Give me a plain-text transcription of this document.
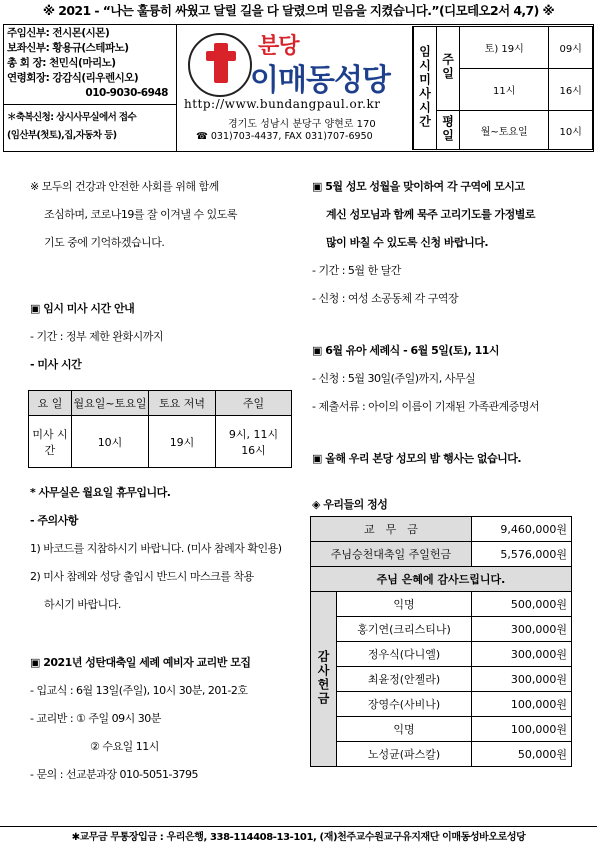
※ 2021 - “나는 훌륭히 싸웠고 달릴 길을 다 달렸으며 믿음을 지켰습니다.”(디모테오2서 4,7) ※
주임신부: 전시몬(시몬)
보좌신부: 황용규(스테파노)
총 회 장: 천민식(마리노)
연령회장: 강감식(리우렌시오)
010-9030-6948
＊축복신청: 상시사무실에서 접수
(임산부(첫토),집,자동차 등)
분당
이매동성당
http://www.bundangpaul.or.kr
경기도 성남시 분당구 양현로 170
☎ 031)703-4437, FAX 031)707-6950
임시미사시간	주일	토) 19시	09시
		11시	16시
	평일	월~토요일	10시
※ 모두의 건강과 안전한 사회를 위해 함께
조심하며, 코로나19를 잘 이겨낼 수 있도록
기도 중에 기억하겠습니다.
▣ 임시 미사 시간 안내
- 기간 : 정부 제한 완화시까지
- 미사 시간
요 일	월요일~토요일	토요 저녁	주일
미사 시간	10시	19시	9시, 11시
16시
* 사무실은 월요일 휴무입니다.
- 주의사항
1) 바코드를 지참하시기 바랍니다. (미사 참례자 확인용)
2) 미사 참례와 성당 출입시 반드시 마스크를 착용
하시기 바랍니다.
▣ 2021년 성탄대축일 세례 예비자 교리반 모집
- 입교식 : 6월 13일(주일), 10시 30분, 201-2호
- 교리반 : ① 주일 09시 30분
② 수요일 11시
- 문의 : 선교분과장 010-5051-3795
▣ 5월 성모 성월을 맞이하여 각 구역에 모시고
계신 성모님과 함께 묵주 고리기도를 가정별로
많이 바칠 수 있도록 신청 바랍니다.
- 기간 : 5월 한 달간
- 신청 : 여성 소공동체 각 구역장
▣ 6월 유아 세례식 - 6월 5일(토), 11시
- 신청 : 5월 30일(주일)까지, 사무실
- 제출서류 : 아이의 이름이 기재된 가족관계증명서
▣ 올해 우리 본당 성모의 밤 행사는 없습니다.
◈ 우리들의 정성
교　무　금		9,460,000원
주님승천대축일 주일헌금		5,576,000원
주님 은혜에 감사드립니다.		
감사헌금	익명	500,000원
	홍기연(크리스티나)	300,000원
	정우식(다니엘)	300,000원
	최윤정(안젤라)	300,000원
	장영수(사비나)	100,000원
	익명	100,000원
	노성균(파스칼)	50,000원
✱교무금 무통장입금 : 우리은행, 338-114408-13-101, (재)천주교수원교구유지재단 이매동성바오로성당
